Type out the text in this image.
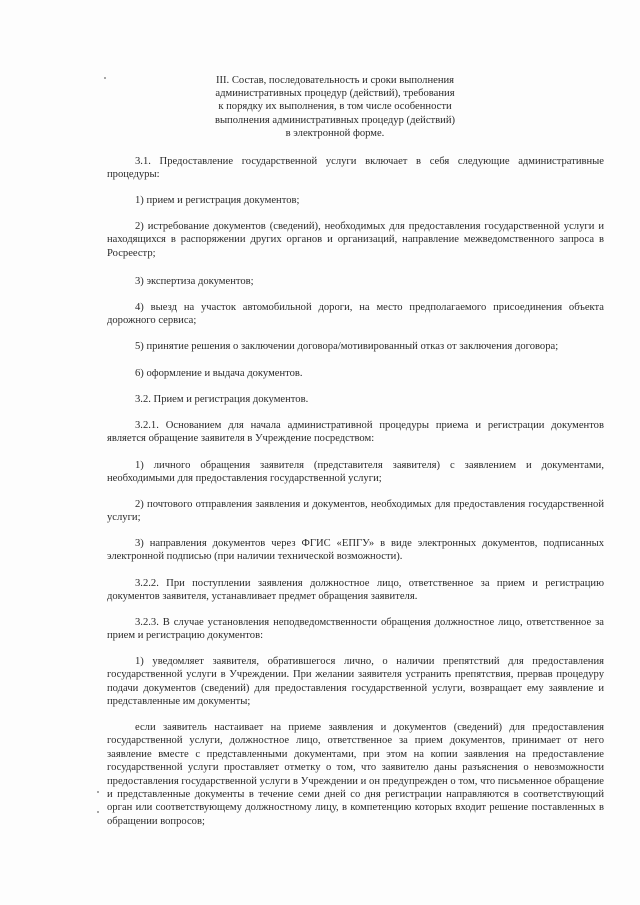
III. Состав, последовательность и сроки выполнения
административных процедур (действий), требования
к порядку их выполнения, в том числе особенности
выполнения административных процедур (действий)
в электронной форме.
3.1. Предоставление государственной услуги включает в себя следующие административные процедуры:
1) прием и регистрация документов;
2) истребование документов (сведений), необходимых для предоставления государственной услуги и находящихся в распоряжении других органов и организаций, направление межведомственного запроса в Росреестр;
3) экспертиза документов;
4) выезд на участок автомобильной дороги, на место предполагаемого присоединения объекта дорожного сервиса;
5) принятие решения о заключении договора/мотивированный отказ от заключения договора;
6) оформление и выдача документов.
3.2. Прием и регистрация документов.
3.2.1. Основанием для начала административной процедуры приема и регистрации документов является обращение заявителя в Учреждение посредством:
1) личного обращения заявителя (представителя заявителя) с заявлением и документами, необходимыми для предоставления государственной услуги;
2) почтового отправления заявления и документов, необходимых для предоставления государственной услуги;
3) направления документов через ФГИС «ЕПГУ» в виде электронных документов, подписанных электронной подписью (при наличии технической возможности).
3.2.2. При поступлении заявления должностное лицо, ответственное за прием и регистрацию документов заявителя, устанавливает предмет обращения заявителя.
3.2.3. В случае установления неподведомственности обращения должностное лицо, ответственное за прием и регистрацию документов:
1) уведомляет заявителя, обратившегося лично, о наличии препятствий для предоставления государственной услуги в Учреждении. При желании заявителя устранить препятствия, прервав процедуру подачи документов (сведений) для предоставления государственной услуги, возвращает ему заявление и представленные им документы;
если заявитель настаивает на приеме заявления и документов (сведений) для предоставления государственной услуги, должностное лицо, ответственное за прием документов, принимает от него заявление вместе с представленными документами, при этом на копии заявления на предоставление государственной услуги проставляет отметку о том, что заявителю даны разъяснения о невозможности предоставления государственной услуги в Учреждении и он предупрежден о том, что письменное обращение и представленные документы в течение семи дней со дня регистрации направляются в соответствующий орган или соответствующему должностному лицу, в компетенцию которых входит решение поставленных в обращении вопросов;
